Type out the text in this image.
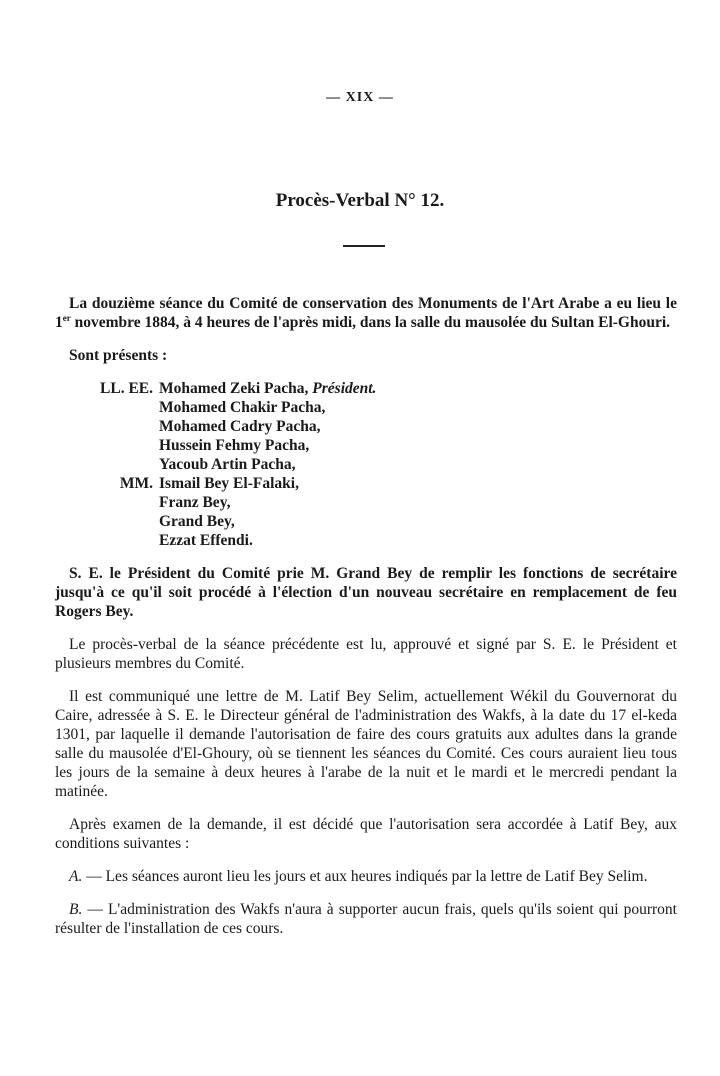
— XIX —
Procès-Verbal N° 12.

La douzième séance du Comité de conservation des Monuments de l'Art Arabe a eu lieu le 1er novembre 1884, à 4 heures de l'après midi, dans la salle du mausolée du Sultan El-Ghouri.

Sont présents :

LL. EE. Mohamed Zeki Pacha,
Président.
Mohamed Chakir Pacha,
Mohamed Cadry Pacha,
Hussein Fehmy Pacha,
Yacoub Artin Pacha,
MM. Ismail Bey El-Falaki,
Franz Bey,
Grand Bey,
Ezzat Effendi.

S. E. le Président du Comité prie M. Grand Bey de remplir les fonctions de secrétaire jusqu'à ce qu'il soit procédé à l'élection d'un nouveau secrétaire en remplacement de feu Rogers Bey.

Le procès-verbal de la séance précédente est lu, approuvé et signé par S. E. le Président et plusieurs membres du Comité.

Il est communiqué une lettre de M. Latif Bey Selim, actuellement Wékil du Gouvernorat du Caire, adressée à S. E. le Directeur général de l'administration des Wakfs, à la date du 17 el-keda 1301, par laquelle il demande l'autorisation de faire des cours gratuits aux adultes dans la grande salle du mausolée d'El-Ghoury, où se tiennent les séances du Comité. Ces cours auraient lieu tous les jours de la semaine à deux heures à l'arabe de la nuit et le mardi et le mercredi pendant la matinée.

Après examen de la demande, il est décidé que l'autorisation sera accordée à Latif Bey, aux conditions suivantes :

A. — Les séances auront lieu les jours et aux heures indiqués par la lettre de Latif Bey Selim.

B. — L'administration des Wakfs n'aura à supporter aucun frais, quels qu'ils soient qui pourront résulter de l'installation de ces cours.
